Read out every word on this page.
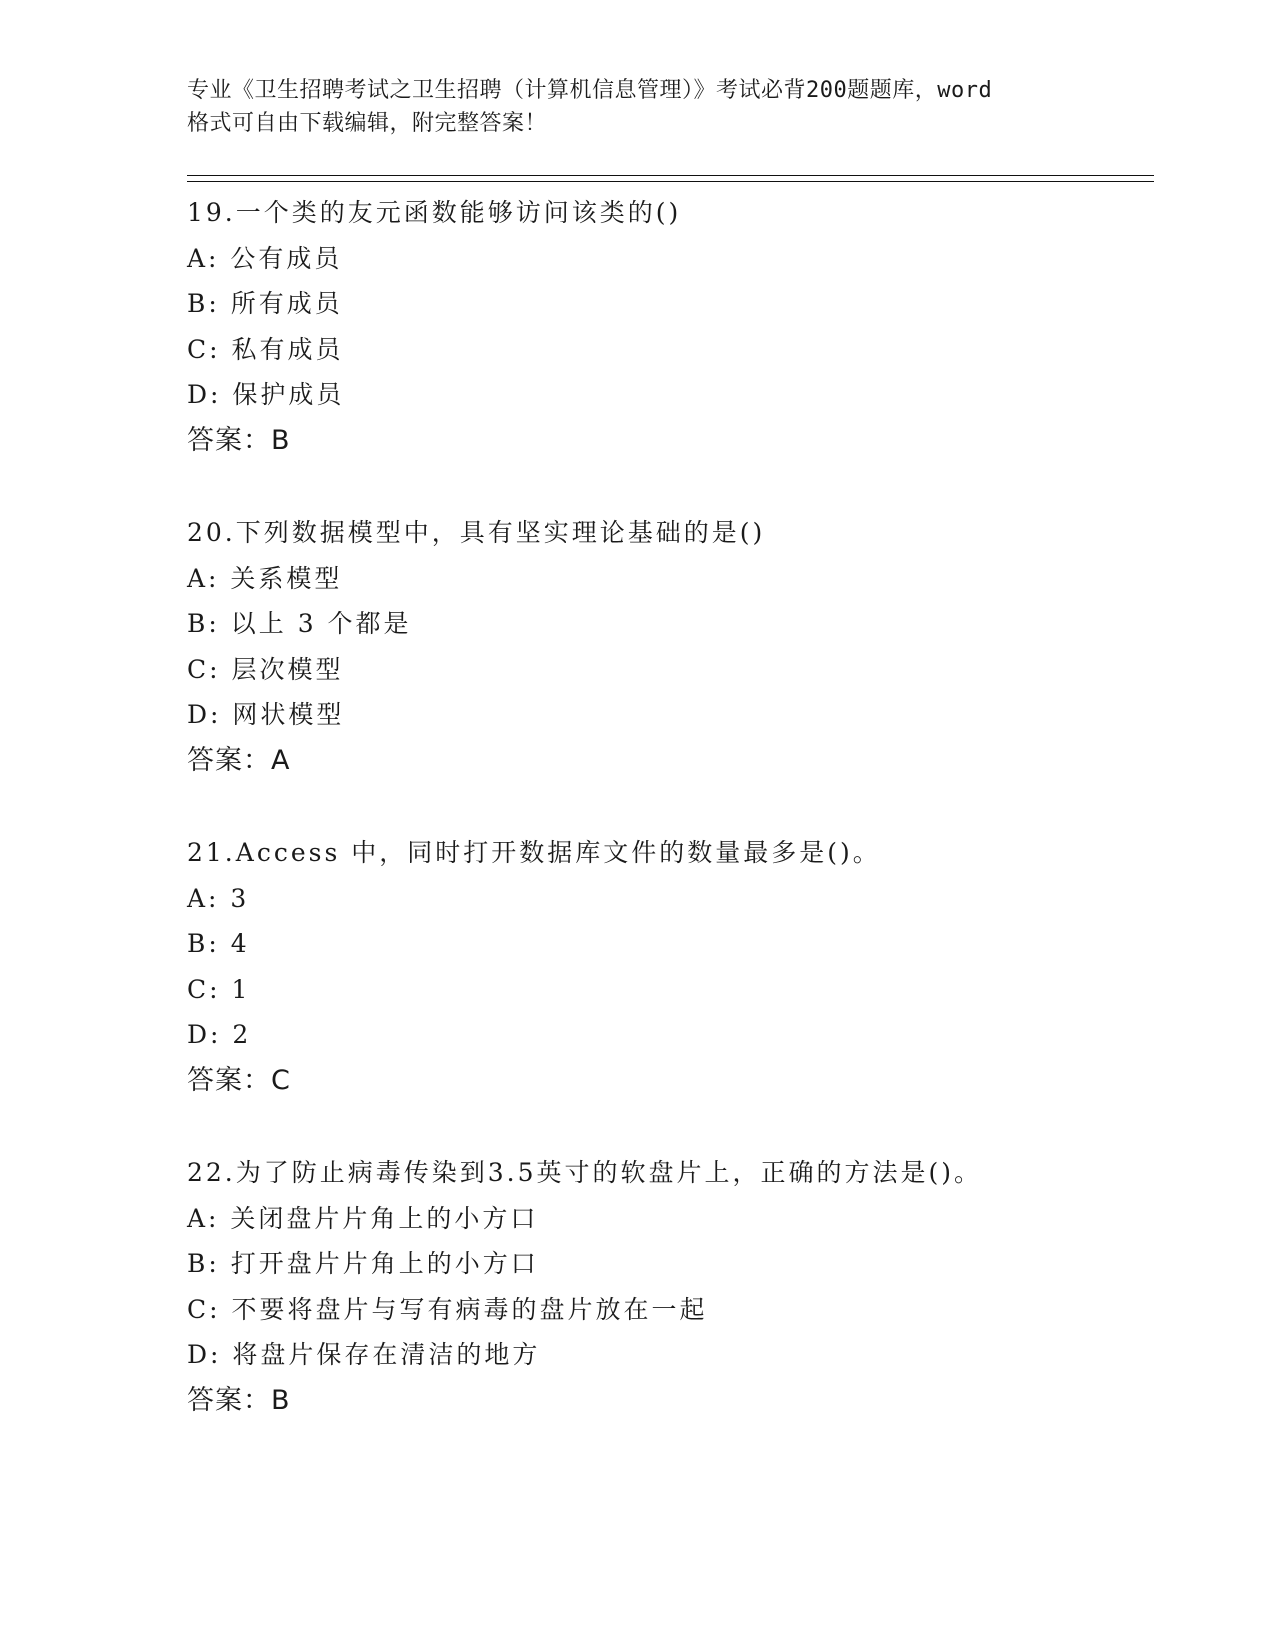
专业《卫生招聘考试之卫生招聘（计算机信息管理）》考试必背200题题库，word
格式可自由下载编辑，附完整答案！
19.一个类的友元函数能够访问该类的()
A: 公有成员
B: 所有成员
C: 私有成员
D: 保护成员
答案：B
20.下列数据模型中，具有坚实理论基础的是()
A: 关系模型
B: 以上 3 个都是
C: 层次模型
D: 网状模型
答案：A
21.Access 中，同时打开数据库文件的数量最多是()。
A: 3
B: 4
C: 1
D: 2
答案：C
22.为了防止病毒传染到3.5英寸的软盘片上，正确的方法是()。
A: 关闭盘片片角上的小方口
B: 打开盘片片角上的小方口
C: 不要将盘片与写有病毒的盘片放在一起
D: 将盘片保存在清洁的地方
答案：B
